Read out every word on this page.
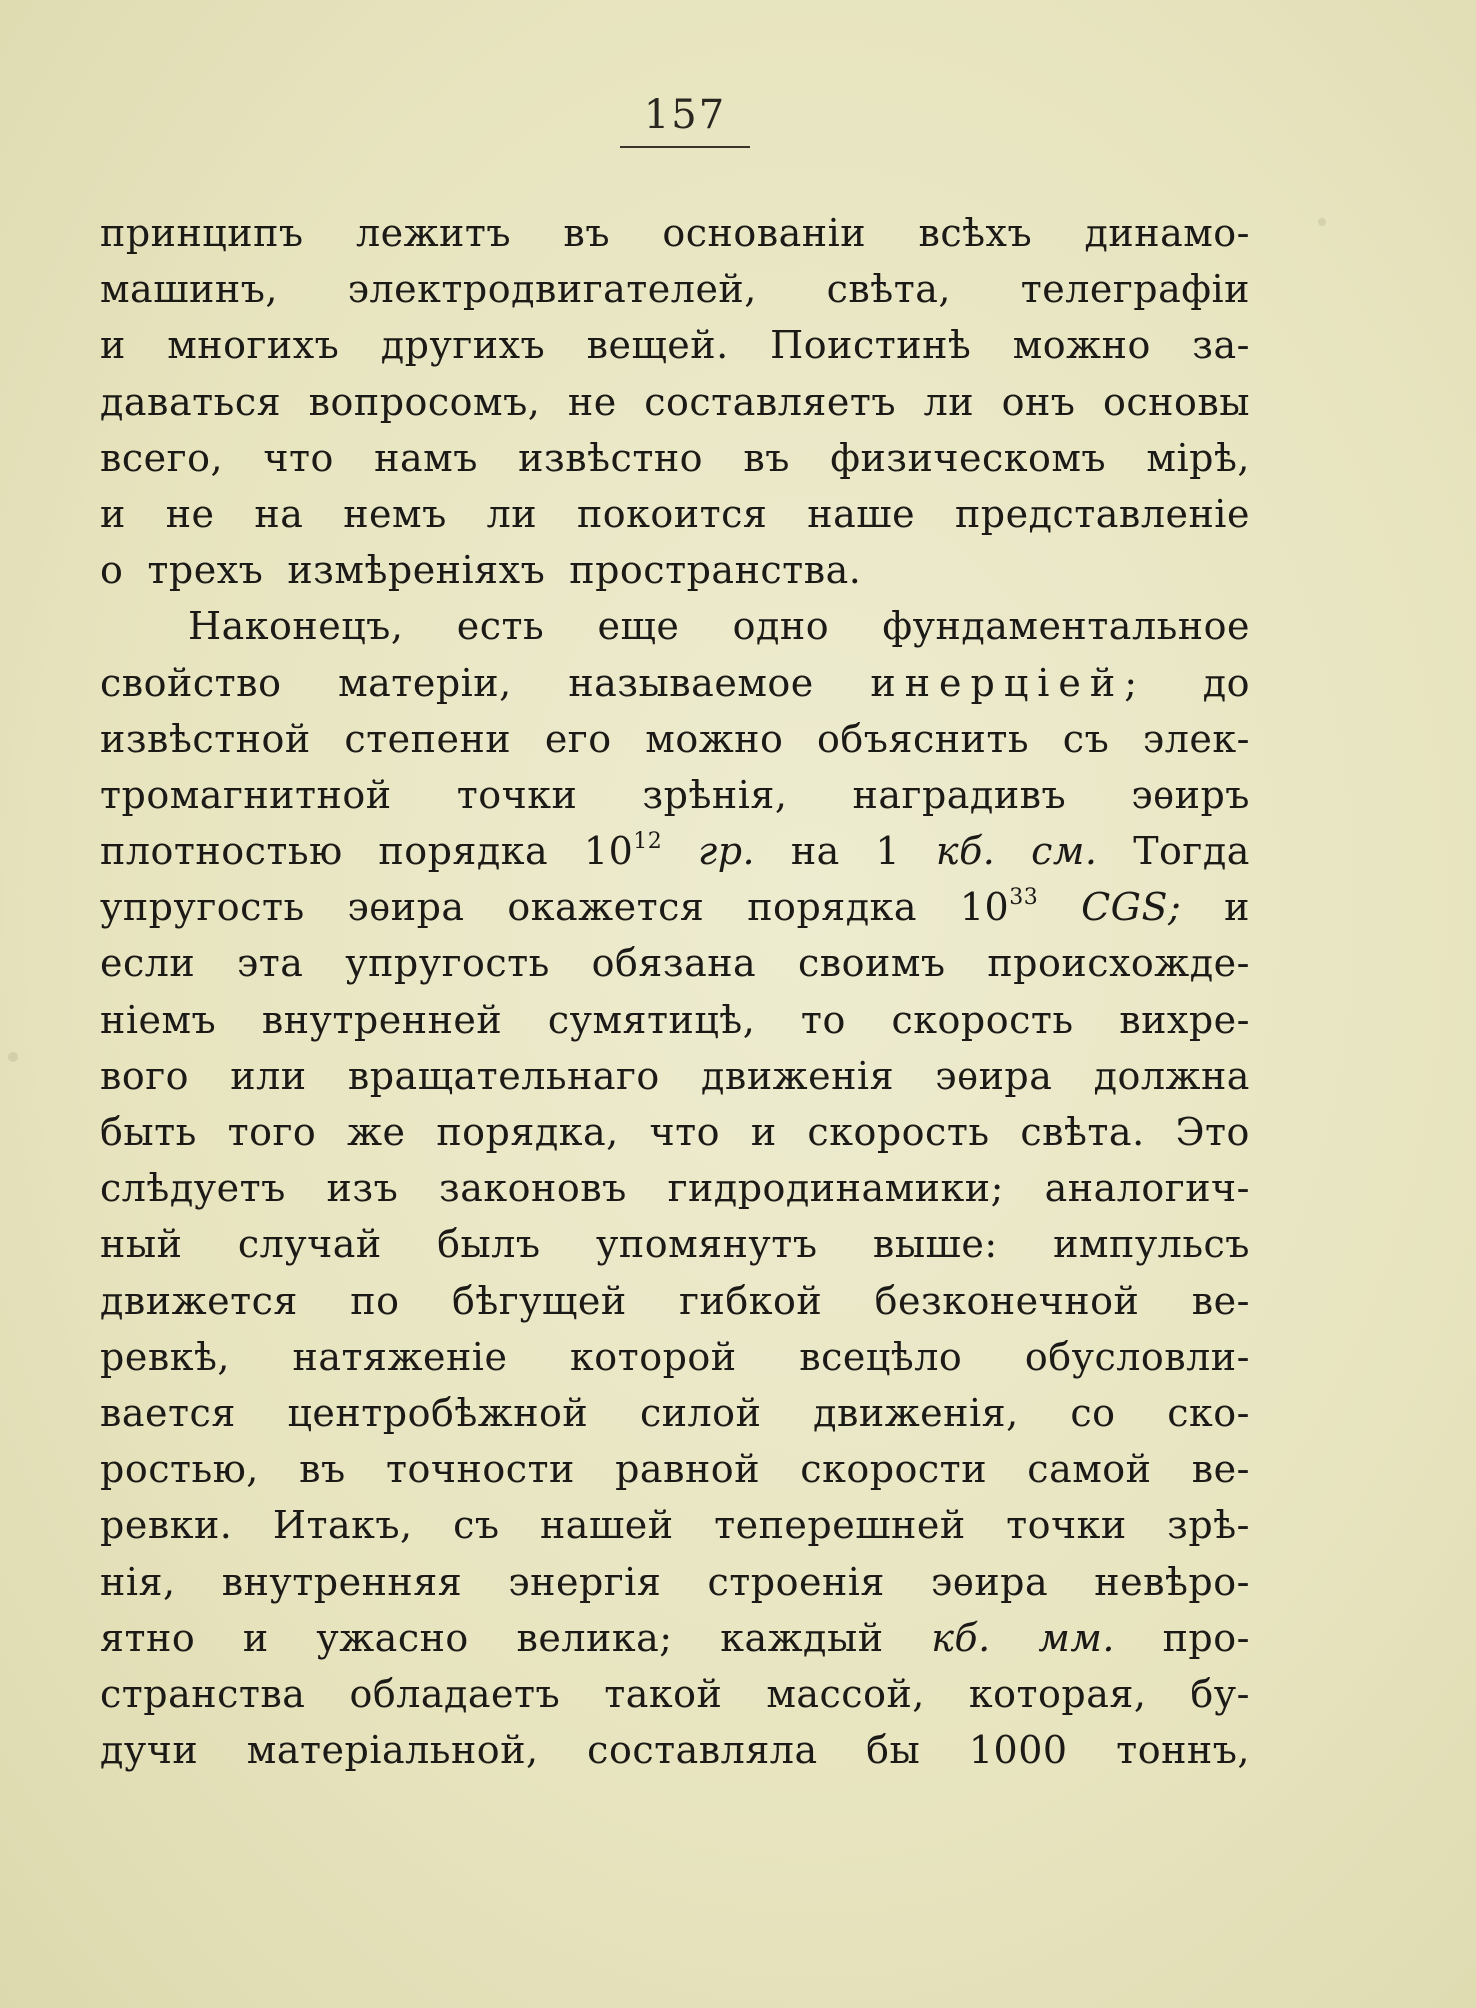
157
принципъ лежитъ въ основанiи всѣхъ динамо-
машинъ, электродвигателей, свѣта, телеграфiи
и многихъ другихъ вещей. Поистинѣ можно за-
даваться вопросомъ, не составляетъ ли онъ основы
всего, что намъ извѣстно въ физическомъ мiрѣ,
и не на немъ ли покоится наше представленiе
о трехъ измѣренiяхъ пространства.
Наконецъ, есть еще одно фундаментальное
свойство матерiи, называемое инерцiей; до
извѣстной степени его можно объяснить съ элек-
тромагнитной точки зрѣнiя, наградивъ эѳиръ
плотностью порядка $10^{12}$ гр. на 1 кб. см. Тогда
упругость эѳира окажется порядка $10^{33}$ CGS; и
если эта упругость обязана своимъ происхожде-
нiемъ внутренней сумятицѣ, то скорость вихре-
вого или вращательнаго движенiя эѳира должна
быть того же порядка, что и скорость свѣта. Это
слѣдуетъ изъ законовъ гидродинамики; аналогич-
ный случай былъ упомянутъ выше: импульсъ
движется по бѣгущей гибкой безконечной ве-
ревкѣ, натяженiе которой всецѣло обусловли-
вается центробѣжной силой движенiя, со ско-
ростью, въ точности равной скорости самой ве-
ревки. Итакъ, съ нашей теперешней точки зрѣ-
нiя, внутренняя энергiя строенiя эѳира невѣро-
ятно и ужасно велика; каждый кб. мм. про-
странства обладаетъ такой массой, которая, бу-
дучи матерiальной, составляла бы 1000 тоннъ,
